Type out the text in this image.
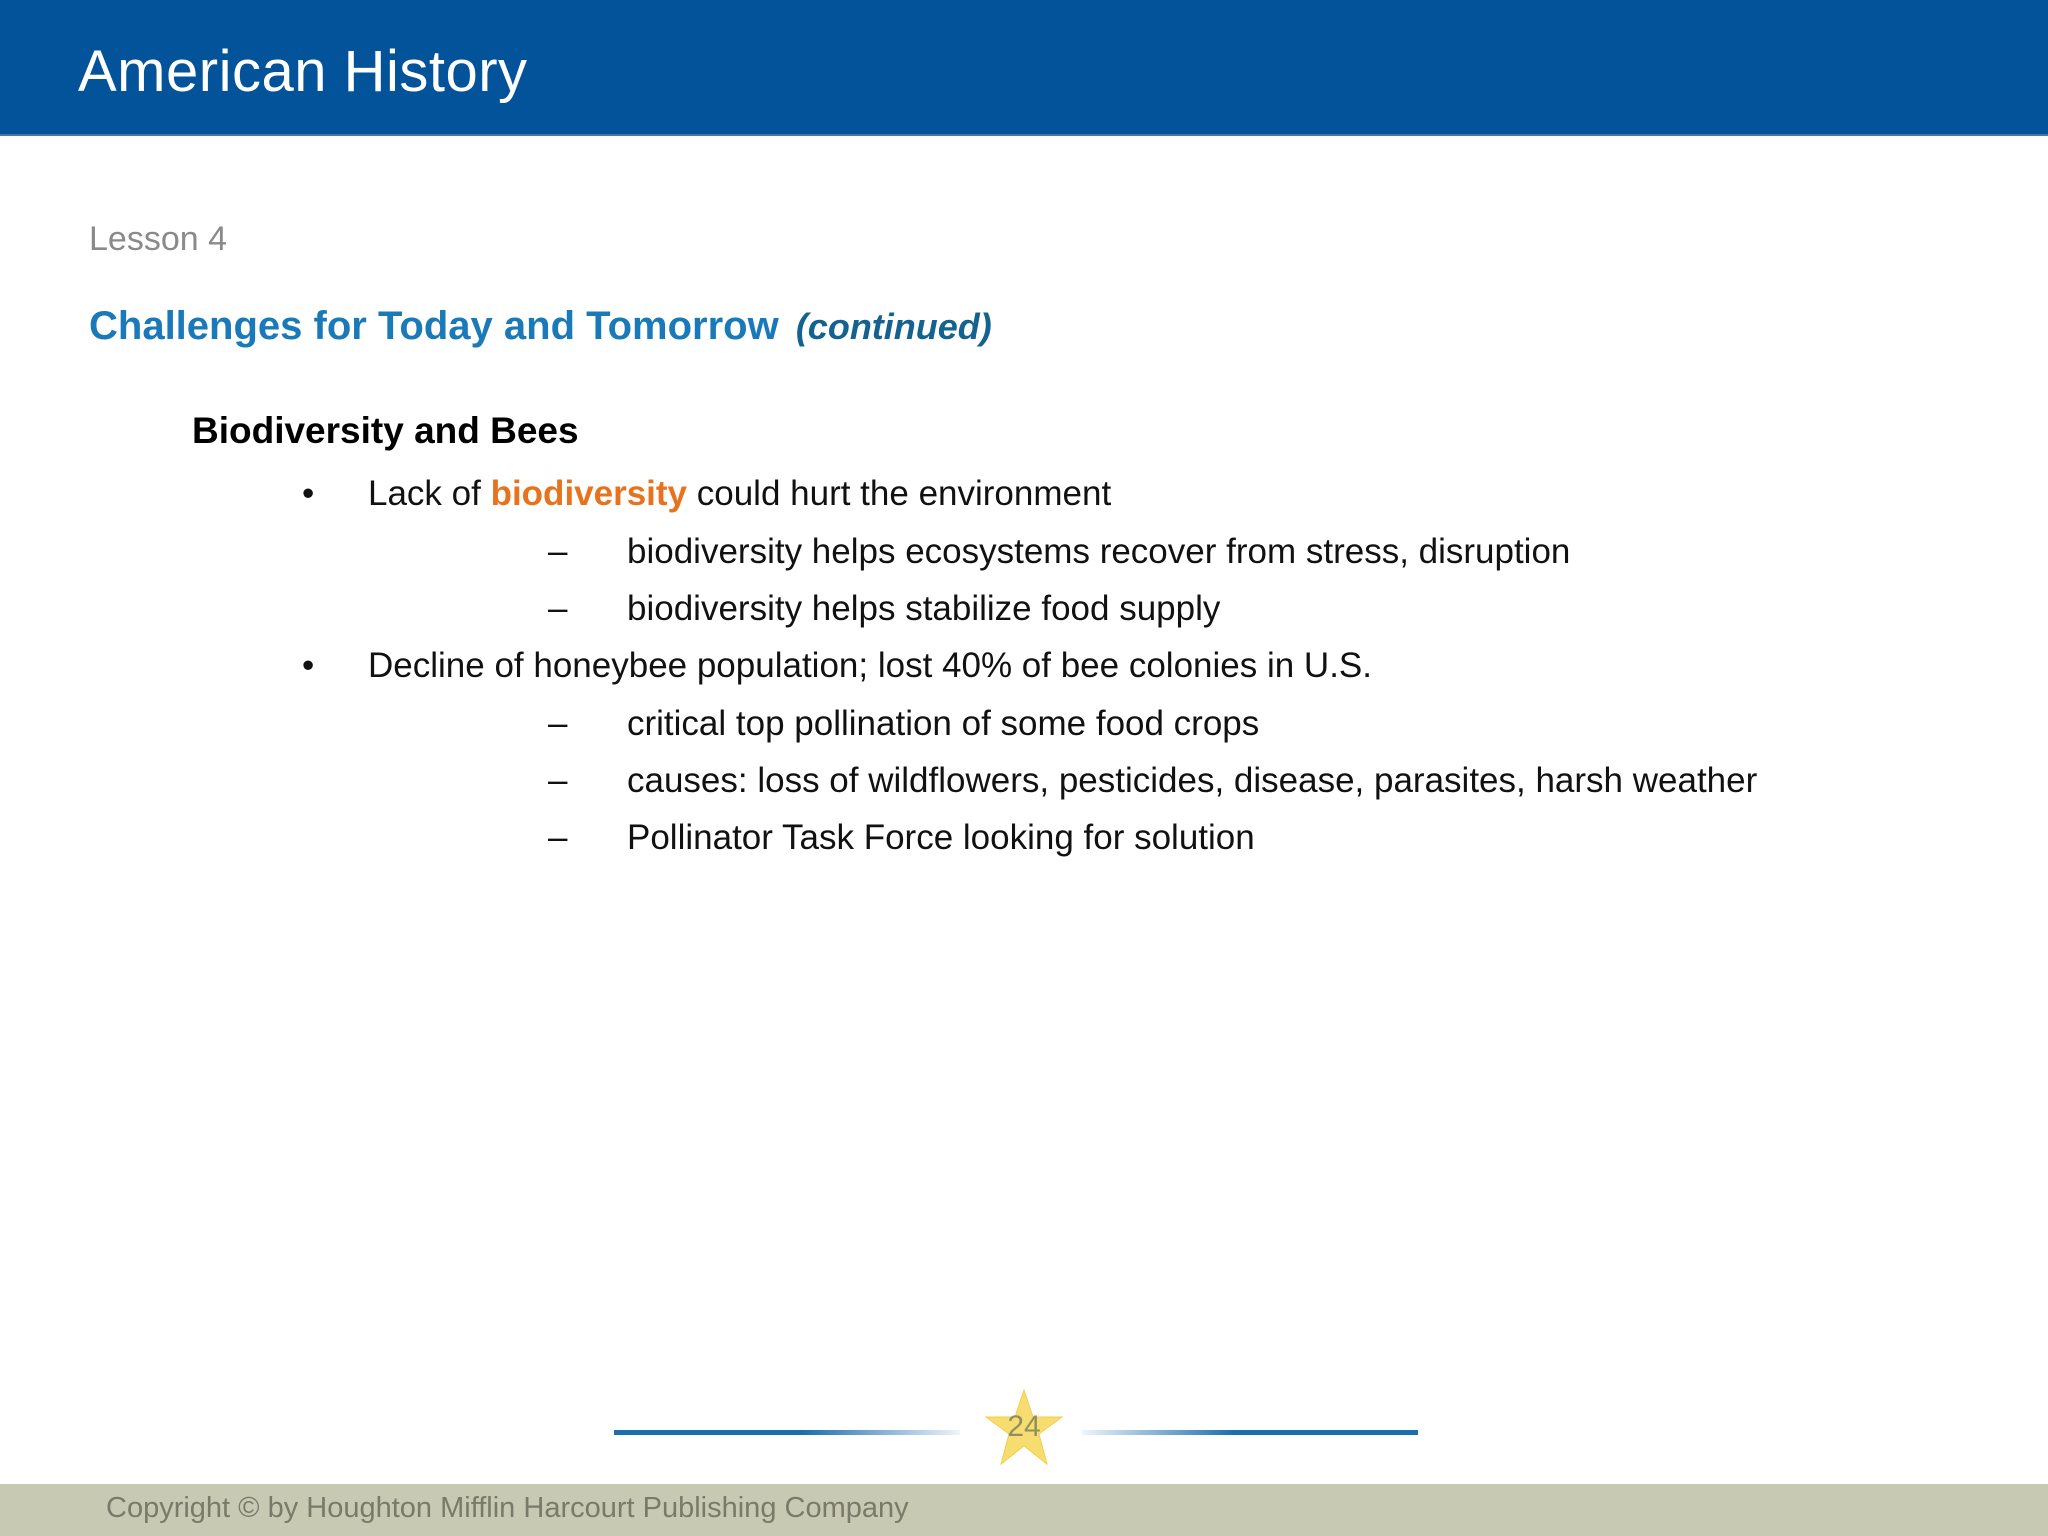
American History
Lesson 4
Challenges for Today and Tomorrow (continued)
Biodiversity and Bees
• Lack of biodiversity could hurt the environment
– biodiversity helps ecosystems recover from stress, disruption
– biodiversity helps stabilize food supply
• Decline of honeybee population; lost 40% of bee colonies in U.S.
– critical top pollination of some food crops
– causes: loss of wildflowers, pesticides, disease, parasites, harsh weather
– Pollinator Task Force looking for solution
24
Copyright © by Houghton Mifflin Harcourt Publishing Company
